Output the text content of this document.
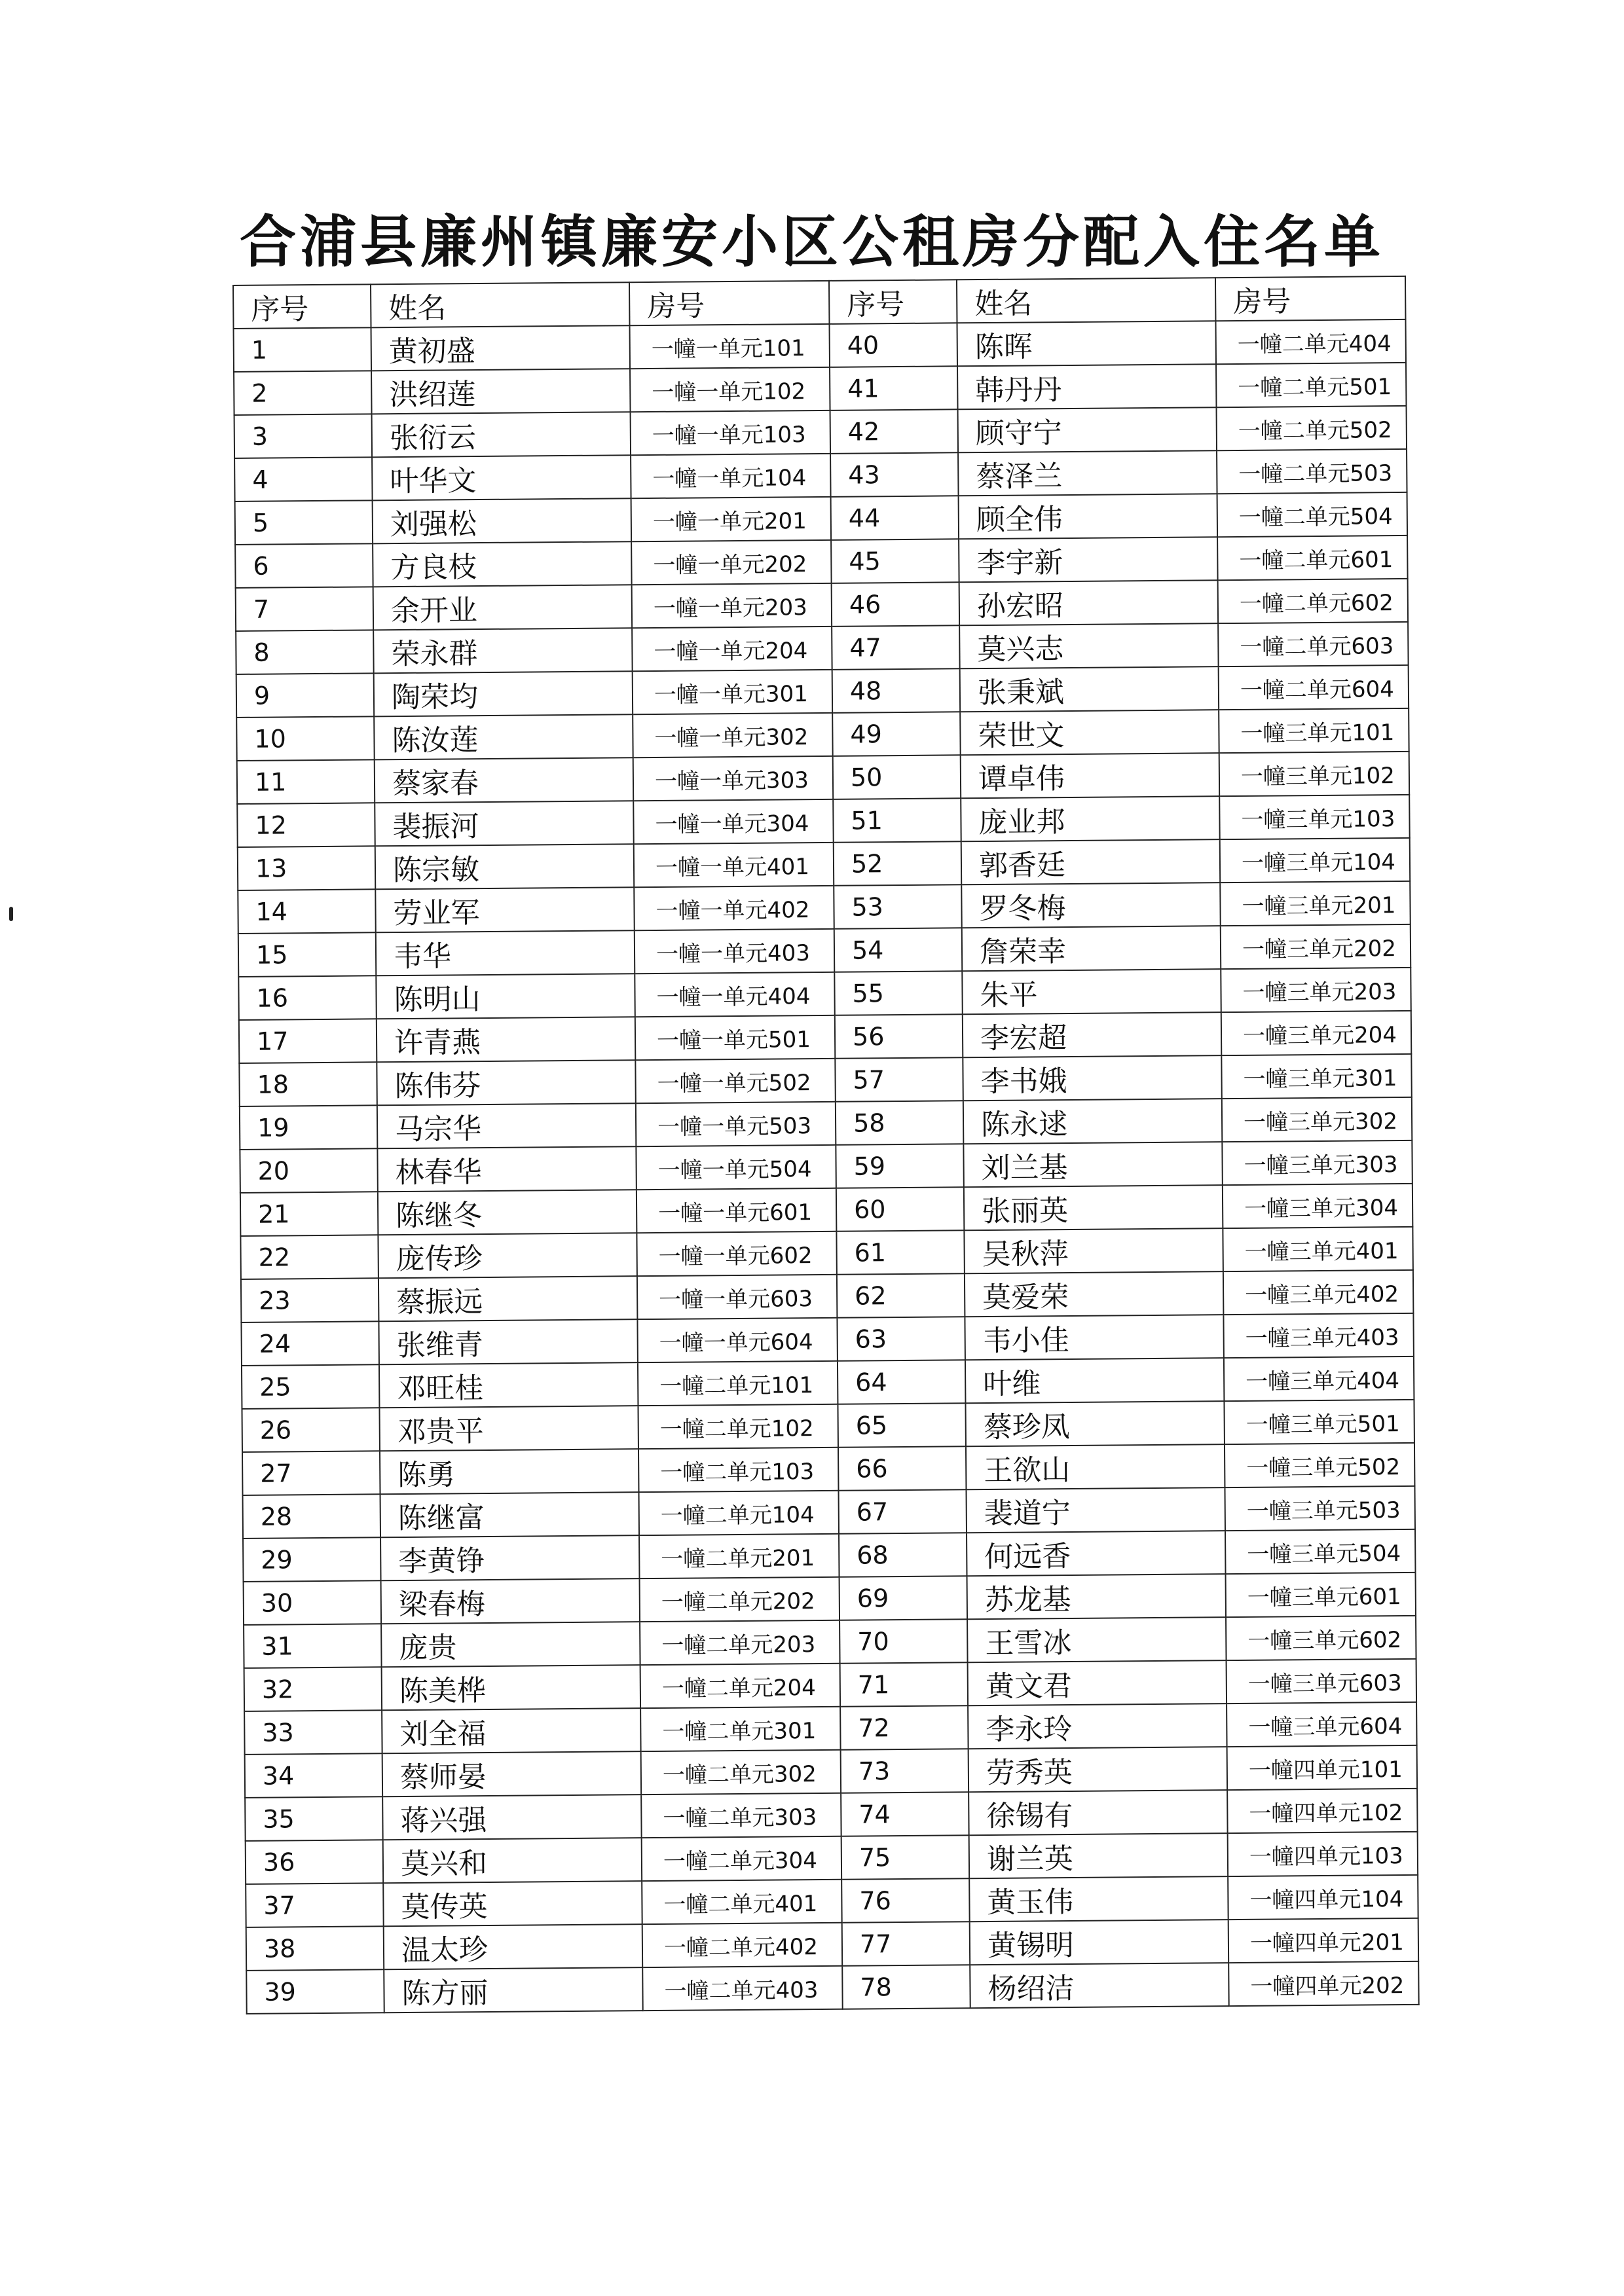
合浦县廉州镇廉安小区公租房分配入住名单
序号	姓名	房号	序号	姓名	房号
1	黄初盛	一幢一单元101	40	陈晖	一幢二单元404
2	洪绍莲	一幢一单元102	41	韩丹丹	一幢二单元501
3	张衍云	一幢一单元103	42	顾守宁	一幢二单元502
4	叶华文	一幢一单元104	43	蔡泽兰	一幢二单元503
5	刘强松	一幢一单元201	44	顾全伟	一幢二单元504
6	方良枝	一幢一单元202	45	李宇新	一幢二单元601
7	余开业	一幢一单元203	46	孙宏昭	一幢二单元602
8	荣永群	一幢一单元204	47	莫兴志	一幢二单元603
9	陶荣均	一幢一单元301	48	张秉斌	一幢二单元604
10	陈汝莲	一幢一单元302	49	荣世文	一幢三单元101
11	蔡家春	一幢一单元303	50	谭卓伟	一幢三单元102
12	裴振河	一幢一单元304	51	庞业邦	一幢三单元103
13	陈宗敏	一幢一单元401	52	郭香廷	一幢三单元104
14	劳业军	一幢一单元402	53	罗冬梅	一幢三单元201
15	韦华	一幢一单元403	54	詹荣幸	一幢三单元202
16	陈明山	一幢一单元404	55	朱平	一幢三单元203
17	许青燕	一幢一单元501	56	李宏超	一幢三单元204
18	陈伟芬	一幢一单元502	57	李书娥	一幢三单元301
19	马宗华	一幢一单元503	58	陈永逑	一幢三单元302
20	林春华	一幢一单元504	59	刘兰基	一幢三单元303
21	陈继冬	一幢一单元601	60	张丽英	一幢三单元304
22	庞传珍	一幢一单元602	61	吴秋萍	一幢三单元401
23	蔡振远	一幢一单元603	62	莫爱荣	一幢三单元402
24	张维青	一幢一单元604	63	韦小佳	一幢三单元403
25	邓旺桂	一幢二单元101	64	叶维	一幢三单元404
26	邓贵平	一幢二单元102	65	蔡珍凤	一幢三单元501
27	陈勇	一幢二单元103	66	王欲山	一幢三单元502
28	陈继富	一幢二单元104	67	裴道宁	一幢三单元503
29	李黄铮	一幢二单元201	68	何远香	一幢三单元504
30	梁春梅	一幢二单元202	69	苏龙基	一幢三单元601
31	庞贵	一幢二单元203	70	王雪冰	一幢三单元602
32	陈美桦	一幢二单元204	71	黄文君	一幢三单元603
33	刘全福	一幢二单元301	72	李永玲	一幢三单元604
34	蔡师晏	一幢二单元302	73	劳秀英	一幢四单元101
35	蒋兴强	一幢二单元303	74	徐锡有	一幢四单元102
36	莫兴和	一幢二单元304	75	谢兰英	一幢四单元103
37	莫传英	一幢二单元401	76	黄玉伟	一幢四单元104
38	温太珍	一幢二单元402	77	黄锡明	一幢四单元201
39	陈方丽	一幢二单元403	78	杨绍洁	一幢四单元202
